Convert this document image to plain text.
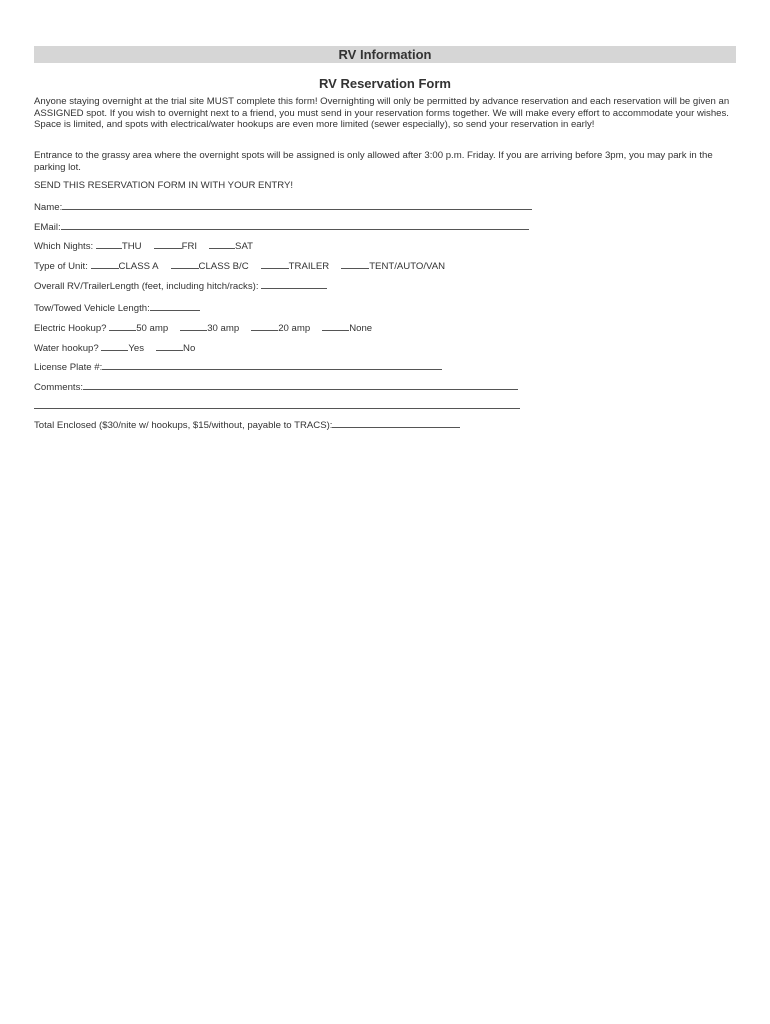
RV Information
RV Reservation Form
Anyone staying overnight at the trial site MUST complete this form! Overnighting will only be permitted by advance reservation and each reservation will be given an ASSIGNED spot. If you wish to overnight next to a friend, you must send in your reservation forms together. We will make every effort to accommodate your wishes. Space is limited, and spots with electrical/water hookups are even more limited (sewer especially), so send your reservation in early!
Entrance to the grassy area where the overnight spots will be assigned is only allowed after 3:00 p.m. Friday. If you are arriving before 3pm, you may park in the parking lot.
SEND THIS RESERVATION FORM IN WITH YOUR ENTRY!
Name:
EMail:
Which Nights:	THU	FRI	SAT
Type of Unit:	CLASS A	CLASS B/C	TRAILER	TENT/AUTO/VAN
Overall RV/TrailerLength (feet, including hitch/racks):
Tow/Towed Vehicle Length:
Electric Hookup?	50 amp	30 amp	20 amp	None
Water hookup?	Yes	No
License Plate #:
Comments:
Total Enclosed ($30/nite w/ hookups, $15/without, payable to TRACS):
